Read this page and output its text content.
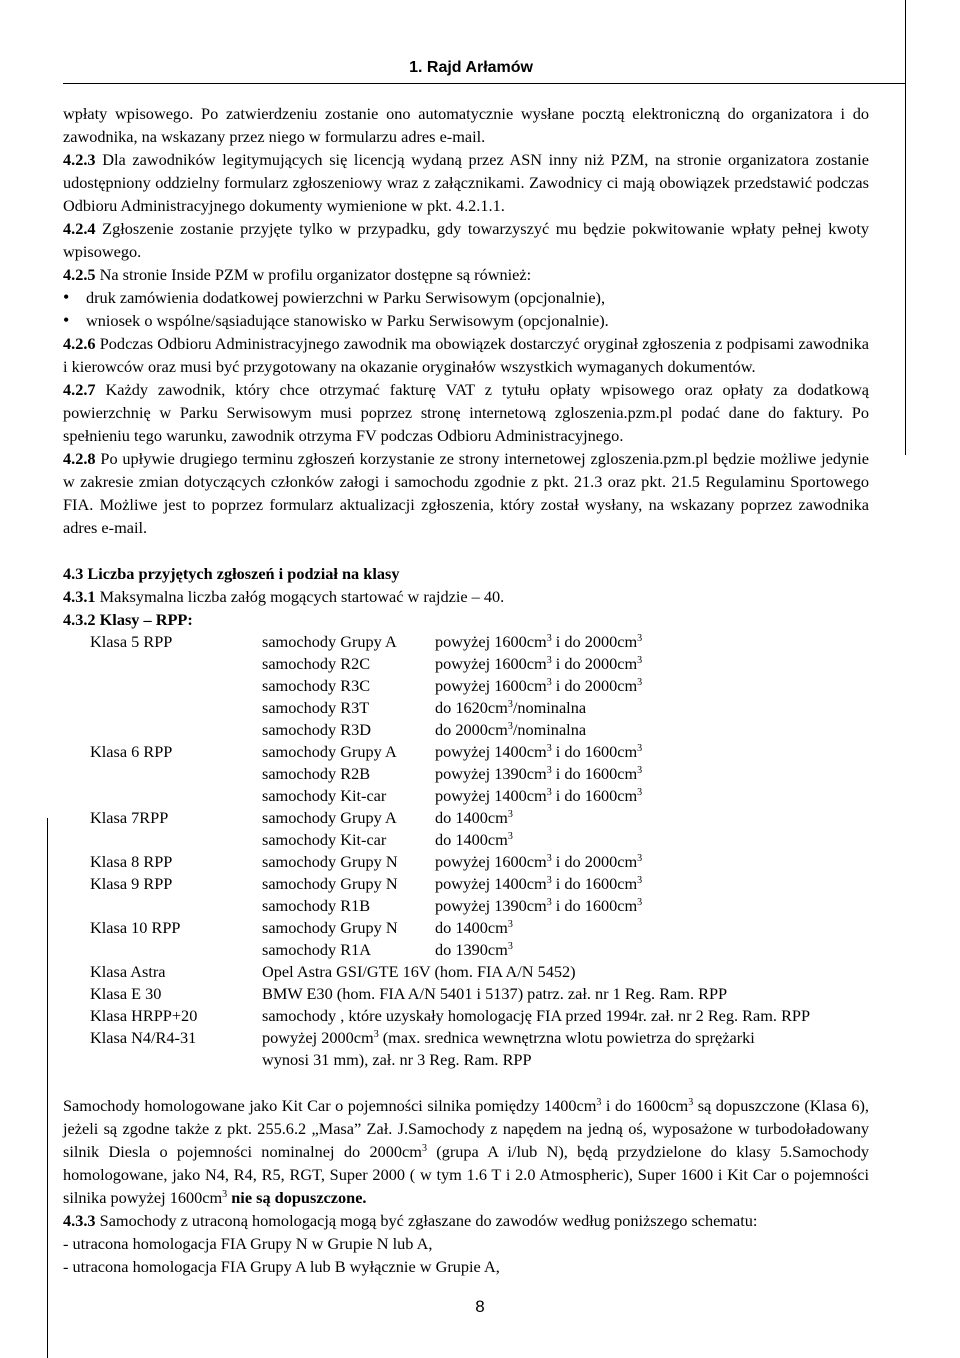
1. Rajd Arłamów

wpłaty wpisowego. Po zatwierdzeniu zostanie ono automatycznie wysłane pocztą elektroniczną do organizatora i do zawodnika, na wskazany przez niego w formularzu adres e-mail.

4.2.3 Dla zawodników legitymujących się licencją wydaną przez ASN inny niż PZM, na stronie organizatora zostanie udostępniony oddzielny formularz zgłoszeniowy wraz z załącznikami. Zawodnicy ci mają obowiązek przedstawić podczas Odbioru Administracyjnego dokumenty wymienione w pkt. 4.2.1.1.

4.2.4 Zgłoszenie zostanie przyjęte tylko w przypadku, gdy towarzyszyć mu będzie pokwitowanie wpłaty pełnej kwoty wpisowego.

4.2.5 Na stronie Inside PZM w profilu organizator dostępne są również:

• druk zamówienia dodatkowej powierzchni w Parku Serwisowym (opcjonalnie),
• wniosek o wspólne/sąsiadujące stanowisko w Parku Serwisowym (opcjonalnie).

4.2.6 Podczas Odbioru Administracyjnego zawodnik ma obowiązek dostarczyć oryginał zgłoszenia z podpisami zawodnika i kierowców oraz musi być przygotowany na okazanie oryginałów wszystkich wymaganych dokumentów.

4.2.7 Każdy zawodnik, który chce otrzymać fakturę VAT z tytułu opłaty wpisowego oraz opłaty za dodatkową powierzchnię w Parku Serwisowym musi poprzez stronę internetową zgloszenia.pzm.pl podać dane do faktury. Po spełnieniu tego warunku, zawodnik otrzyma FV podczas Odbioru Administracyjnego.

4.2.8 Po upływie drugiego terminu zgłoszeń korzystanie ze strony internetowej zgloszenia.pzm.pl będzie możliwe jedynie w zakresie zmian dotyczących członków załogi i samochodu zgodnie z pkt. 21.3 oraz pkt. 21.5 Regulaminu Sportowego FIA. Możliwe jest to poprzez formularz aktualizacji zgłoszenia, który został wysłany, na wskazany poprzez zawodnika adres e-mail.

4.3 Liczba przyjętych zgłoszeń i podział na klasy

4.3.1 Maksymalna liczba załóg mogących startować w rajdzie – 40.

4.3.2 Klasy – RPP:

Klasa 5 RPP	samochody Grupy A	powyżej $1600cm^3$ i do $2000cm^3$
	samochody R2C	powyżej $1600cm^3$ i do $2000cm^3$
	samochody R3C	powyżej $1600cm^3$ i do $2000cm^3$
	samochody R3T	do $1620cm^3$/nominalna
	samochody R3D	do $2000cm^3$/nominalna
Klasa 6 RPP	samochody Grupy A	powyżej $1400cm^3$ i do $1600cm^3$
	samochody R2B	powyżej $1390cm^3$ i do $1600cm^3$
	samochody Kit-car	powyżej $1400cm^3$ i do $1600cm^3$
Klasa 7RPP	samochody Grupy A	do $1400cm^3$
	samochody Kit-car	do $1400cm^3$
Klasa 8 RPP	samochody Grupy N	powyżej $1600cm^3$ i do $2000cm^3$
Klasa 9 RPP	samochody Grupy N	powyżej $1400cm^3$ i do $1600cm^3$
	samochody R1B	powyżej $1390cm^3$ i do $1600cm^3$
Klasa 10 RPP	samochody Grupy N	do $1400cm^3$
	samochody R1A	do $1390cm^3$
Klasa Astra	Opel Astra GSI/GTE 16V (hom. FIA A/N 5452)	
Klasa E 30	BMW E30 (hom. FIA A/N 5401 i 5137) patrz. zał. nr 1 Reg. Ram. RPP	
Klasa HRPP+20	samochody , które uzyskały homologację FIA przed 1994r. zał. nr 2 Reg. Ram. RPP	
Klasa N4/R4-31	powyżej $2000cm^3$ (max. srednica wewnętrzna wlotu powietrza do sprężarki	
	wynosi 31 mm), zał. nr 3 Reg. Ram. RPP	

Samochody homologowane jako Kit Car o pojemności silnika pomiędzy $1400cm^3$ i do $1600cm^3$ są dopuszczone (Klasa 6), jeżeli są zgodne także z pkt. 255.6.2 „Masa” Zał. J.Samochody z napędem na jedną oś, wyposażone w turbodoładowany silnik Diesla o pojemności nominalnej do $2000cm^3$ (grupa A i/lub N), będą przydzielone do klasy 5.Samochody homologowane, jako N4, R4, R5, RGT, Super 2000 ( w tym 1.6 T i 2.0 Atmospheric), Super 1600 i Kit Car o pojemności silnika powyżej $1600cm^3$ nie są dopuszczone.

4.3.3 Samochody z utraconą homologacją mogą być zgłaszane do zawodów według poniższego schematu:

- utracona homologacja FIA Grupy N w Grupie N lub A,

- utracona homologacja FIA Grupy A lub B wyłącznie w Grupie A,

8
